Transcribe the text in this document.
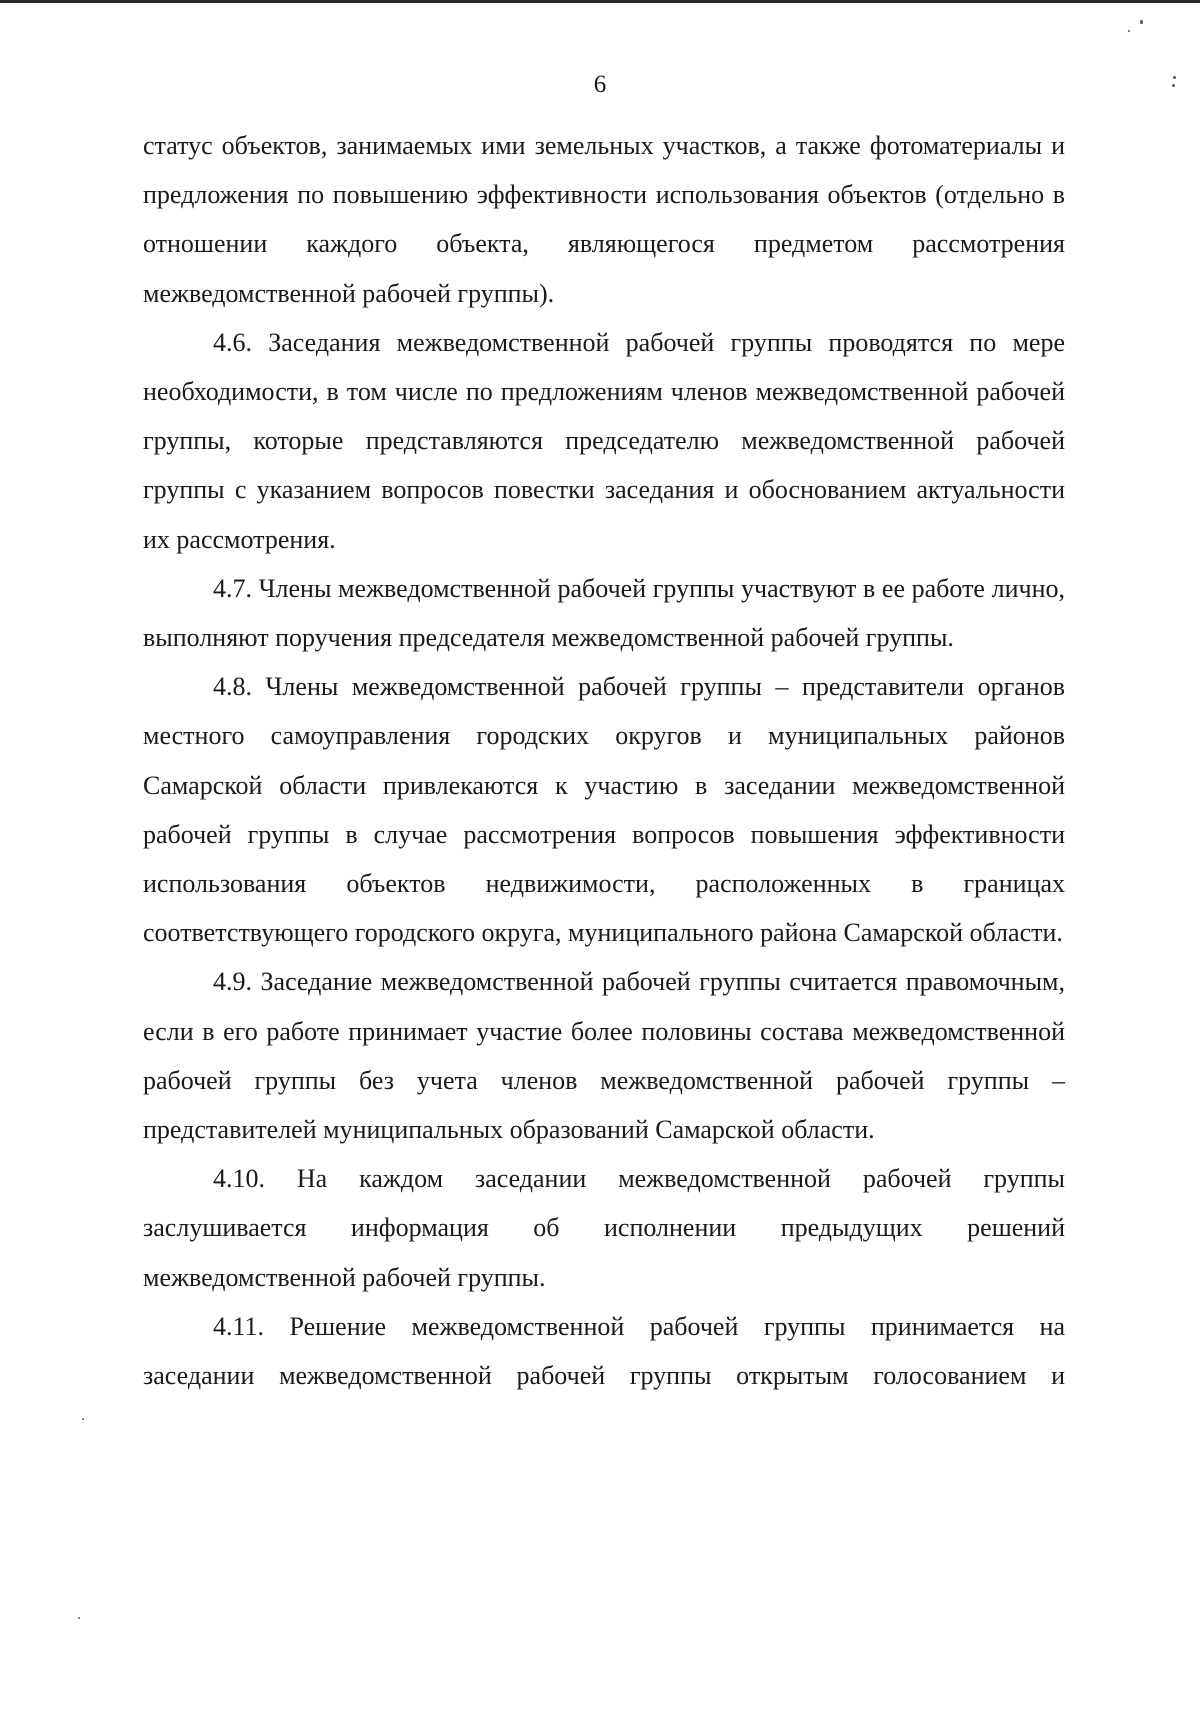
6

статус объектов, занимаемых ими земельных участков, а также фотоматериалы и предложения по повышению эффективности использования объектов (отдельно в отношении каждого объекта, являющегося предметом рассмотрения межведомственной рабочей группы).

4.6. Заседания межведомственной рабочей группы проводятся по мере необходимости, в том числе по предложениям членов межведомственной рабочей группы, которые представляются председателю межведомственной рабочей группы с указанием вопросов повестки заседания и обоснованием актуальности их рассмотрения.

4.7. Члены межведомственной рабочей группы участвуют в ее работе лично, выполняют поручения председателя межведомственной рабочей группы.

4.8. Члены межведомственной рабочей группы – представители органов местного самоуправления городских округов и муниципальных районов Самарской области привлекаются к участию в заседании межведомственной рабочей группы в случае рассмотрения вопросов повышения эффективности использования объектов недвижимости, расположенных в границах соответствующего городского округа, муниципального района Самарской области.

4.9. Заседание межведомственной рабочей группы считается правомочным, если в его работе принимает участие более половины состава межведомственной рабочей группы без учета членов межведомственной рабочей группы – представителей муниципальных образований Самарской области.

4.10. На каждом заседании межведомственной рабочей группы заслушивается информация об исполнении предыдущих решений межведомственной рабочей группы.

4.11. Решение межведомственной рабочей группы принимается на заседании межведомственной рабочей группы открытым голосованием и
